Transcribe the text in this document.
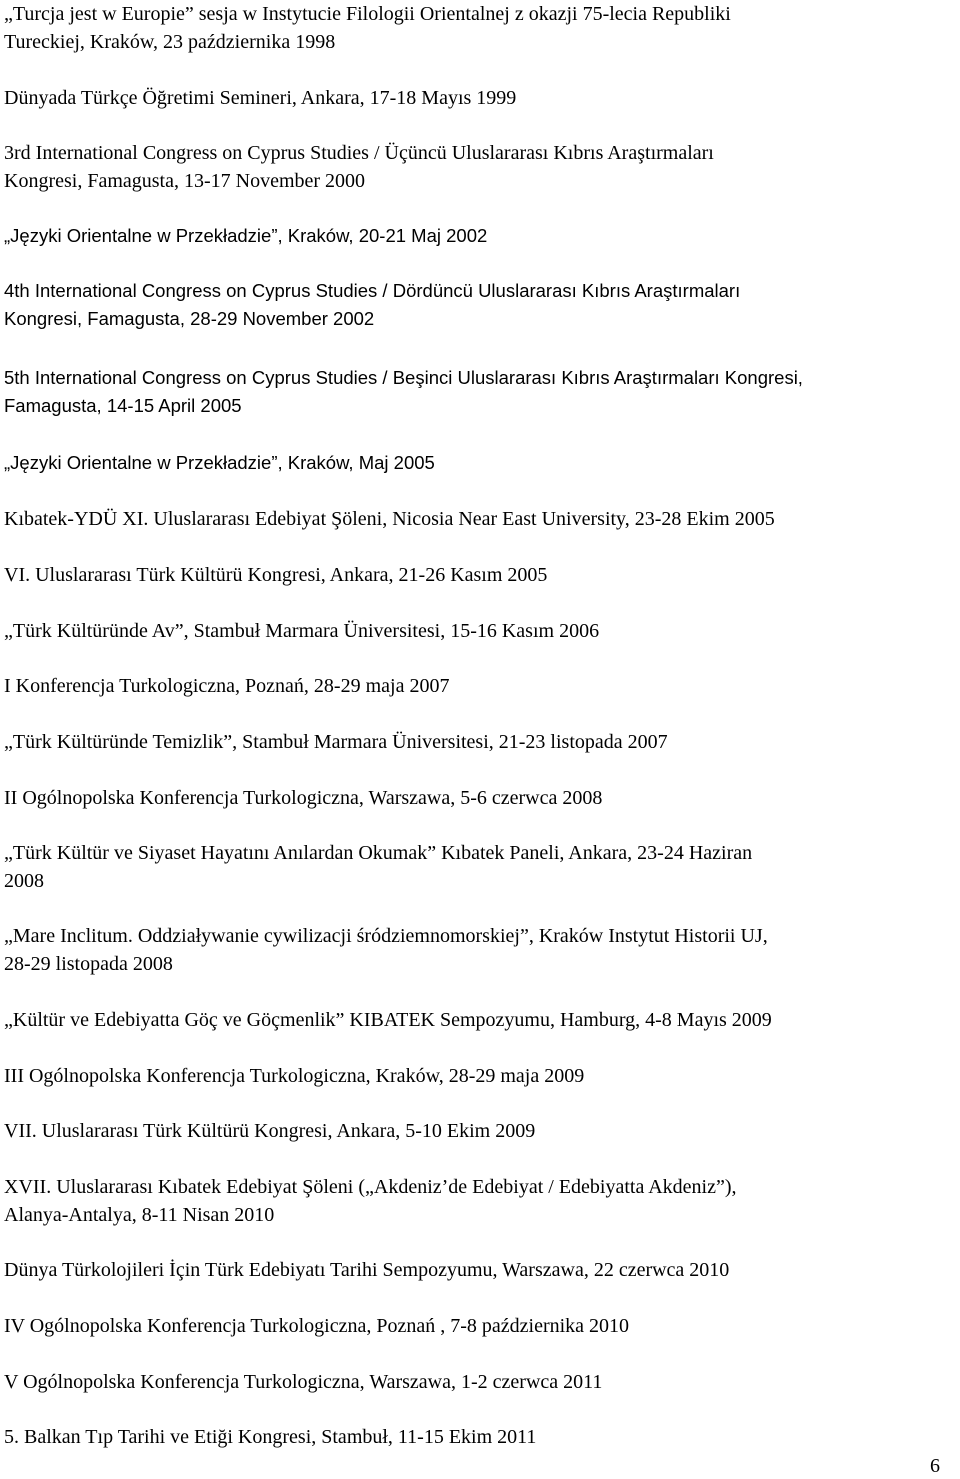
„Turcja jest w Europie” sesja w Instytucie Filologii Orientalnej z okazji 75-lecia Republiki
Tureckiej, Kraków, 23 października 1998
Dünyada Türkçe Öğretimi Semineri, Ankara, 17-18 Mayıs 1999
3rd International Congress on Cyprus Studies / Üçüncü Uluslararası Kıbrıs Araştırmaları
Kongresi, Famagusta, 13-17 November 2000
„Języki Orientalne w Przekładzie”, Kraków, 20-21 Maj 2002
4th International Congress on Cyprus Studies / Dördüncü Uluslararası Kıbrıs Araştırmaları
Kongresi, Famagusta, 28-29 November 2002
5th International Congress on Cyprus Studies / Beşinci Uluslararası Kıbrıs Araştırmaları Kongresi,
Famagusta, 14-15 April 2005
„Języki Orientalne w Przekładzie”, Kraków, Maj 2005
Kıbatek-YDÜ XI. Uluslararası Edebiyat Şöleni, Nicosia Near East University, 23-28 Ekim 2005
VI. Uluslararası Türk Kültürü Kongresi, Ankara, 21-26 Kasım 2005
„Türk Kültüründe Av”, Stambuł Marmara Üniversitesi, 15-16 Kasım 2006
I Konferencja Turkologiczna, Poznań, 28-29 maja 2007
„Türk Kültüründe Temizlik”, Stambuł Marmara Üniversitesi, 21-23 listopada 2007
II Ogólnopolska Konferencja Turkologiczna, Warszawa, 5-6 czerwca 2008
„Türk Kültür ve Siyaset Hayatını Anılardan Okumak” Kıbatek Paneli, Ankara, 23-24 Haziran
2008
„Mare Inclitum. Oddziaływanie cywilizacji śródziemnomorskiej”, Kraków Instytut Historii UJ,
28-29 listopada 2008
„Kültür ve Edebiyatta Göç ve Göçmenlik” KIBATEK Sempozyumu, Hamburg, 4-8 Mayıs 2009
III Ogólnopolska Konferencja Turkologiczna, Kraków, 28-29 maja 2009
VII. Uluslararası Türk Kültürü Kongresi, Ankara, 5-10 Ekim 2009
XVII. Uluslararası Kıbatek Edebiyat Şöleni („Akdeniz’de Edebiyat / Edebiyatta Akdeniz”),
Alanya-Antalya, 8-11 Nisan 2010
Dünya Türkolojileri İçin Türk Edebiyatı Tarihi Sempozyumu, Warszawa, 22 czerwca 2010
IV Ogólnopolska Konferencja Turkologiczna, Poznań , 7-8 października 2010
V Ogólnopolska Konferencja Turkologiczna, Warszawa, 1-2 czerwca 2011
5. Balkan Tıp Tarihi ve Etiği Kongresi, Stambuł, 11-15 Ekim 2011
6
